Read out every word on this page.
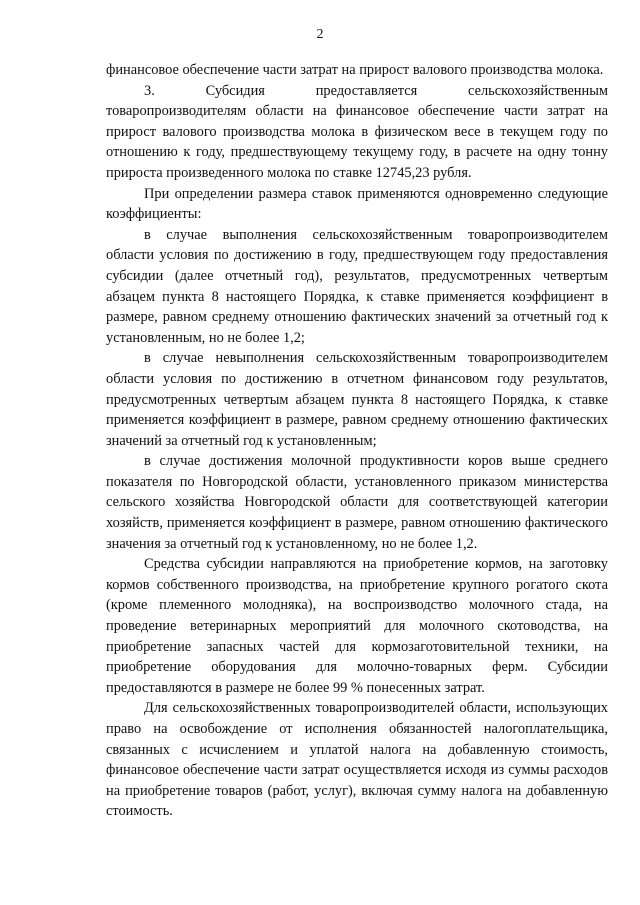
2

финансовое обеспечение части затрат на прирост валового производства молока.

3. Субсидия предоставляется сельскохозяйственным товаропроизводителям области на финансовое обеспечение части затрат на прирост валового производства молока в физическом весе в текущем году по отношению к году, предшествующему текущему году, в расчете на одну тонну прироста произведенного молока по ставке 12745,23 рубля.

При определении размера ставок применяются одновременно следующие коэффициенты:

в случае выполнения сельскохозяйственным товаропроизводителем области условия по достижению в году, предшествующем году предоставления субсидии (далее отчетный год), результатов, предусмотренных четвертым абзацем пункта 8 настоящего Порядка, к ставке применяется коэффициент в размере, равном среднему отношению фактических значений за отчетный год к установленным, но не более 1,2;

в случае невыполнения сельскохозяйственным товаропроизводителем области условия по достижению в отчетном финансовом году результатов, предусмотренных четвертым абзацем пункта 8 настоящего Порядка, к ставке применяется коэффициент в размере, равном среднему отношению фактических значений за отчетный год к установленным;

в случае достижения молочной продуктивности коров выше среднего показателя по Новгородской области, установленного приказом министерства сельского хозяйства Новгородской области для соответствующей категории хозяйств, применяется коэффициент в размере, равном отношению фактического значения за отчетный год к установленному, но не более 1,2.

Средства субсидии направляются на приобретение кормов, на заготовку кормов собственного производства, на приобретение крупного рогатого скота (кроме племенного молодняка), на воспроизводство молочного стада, на проведение ветеринарных мероприятий для молочного скотоводства, на приобретение запасных частей для кормозаготовительной техники, на приобретение оборудования для молочно-товарных ферм. Субсидии предоставляются в размере не более 99 % понесенных затрат.

Для сельскохозяйственных товаропроизводителей области, использующих право на освобождение от исполнения обязанностей налогоплательщика, связанных с исчислением и уплатой налога на добавленную стоимость, финансовое обеспечение части затрат осуществляется исходя из суммы расходов на приобретение товаров (работ, услуг), включая сумму налога на добавленную стоимость.
